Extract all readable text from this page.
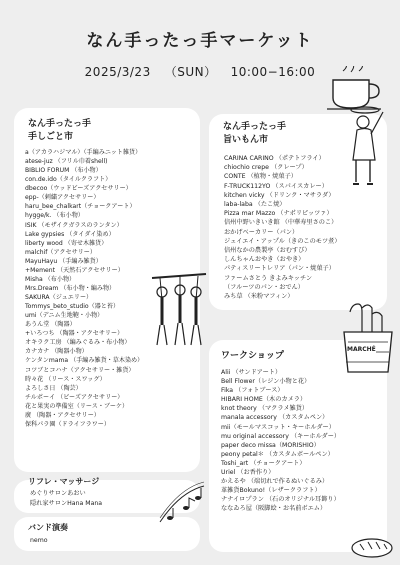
なん手ったっ手マーケット
2025/3/23 （SUN） 10:00−16:00
なん手ったっ手
手しごと市
a（アカラハジマル）（手編みニット雑貨）
atese-juz （フリル巾着shell)
BIBLIO FORUM （布小物）
con.de.ido（タイルクラフト）
dbecoo（ウッドビーズアクセサリー）
epp-（刺繍アクセサリー）
haru_bee_chalkart（チョークアート）
hygge/k. （布小物）
ISIK （モザイクガラスのランタン）
Lake gypsies （タイダイ染め）
liberty wood （寄せ木雑貨）
malchif（アクセサリー）
MayuHayu （手編み雑貨）
+Mement （天然石アクセサリー）
Misha （布小物）
Mrs.Dream （布小物・編み物）
SAKURA（ジュエリー）
Tommys_beto_studio（器と苔）
umi（デニム生地鞄・小物）
あうん堂 （陶器）
+いろつち （陶器・アクセサリー）
オキラク工房 （編みぐるみ・布小物）
カナカナ （陶器小物）
ケンタンmama （手編み雑貨・草木染め）
コツブとコハナ（アクセサリー・雑貨）
時々花 （リース・スワッグ）
よろしさ日 （陶芸）
チルボーイ （ビーズアクセサリー）
花と果実の準備室（リース・ブーケ）
廣 （陶器・アクセサリー）
保科パラ園（ドライフラワー）
なん手ったっ手
旨いもん市
CARINA CARINO （ポテトフライ）
chiochio crepe （クレープ）
CONTE （植物・焼菓子）
F-TRUCK112YO （スパイスカレー）
kitchen vicky （ドリンク・マサラダ）
laba-laba （たこ焼）
Pizza mar Mazzo （ナポリピッツァ）
信州中野いきいき館 （中華寿里さのこ）
おかげベーカリー（パン）
ジェイエイ・アップル（きのこのモツ煮）
信州なかの農製亭（おむすび）
しんちゃんおやき（おやき）
パティスリートレリア（パン・焼菓子）
ファームさとう きよみキッチン
（フルーツのパン・おでん）
みち草 （米粉マフィン）
ワークショップ
Alii （サンドアート）
Bell Flower（レジン小物と花）
Fika （フォトブース）
HIBARI HOME（木のカメラ）
knot theory （マクラメ雑貨）
manala accessory （カスタムペン）
mii（モールマスコット・キーホルダー）
mu original accessory （キーホルダー）
paper deco missa（MORISHIO）
peony petal＊ （カスタムボールペン）
Toshi_art （チョークアート）
Uriel （お香作り）
かえるや （端切れで作るぬいぐるみ）
革雑貨Bokuno!（レザークラフト）
ナナイロプラン （石のオリジナル耳飾り）
ななゐろ屋（阪脚絵・お名前ボエム）
MARCHÉ
リフレ・マッサージ
めぐりサロンあおい
隠れ家サロンHana Mana
バンド演奏
nemo
